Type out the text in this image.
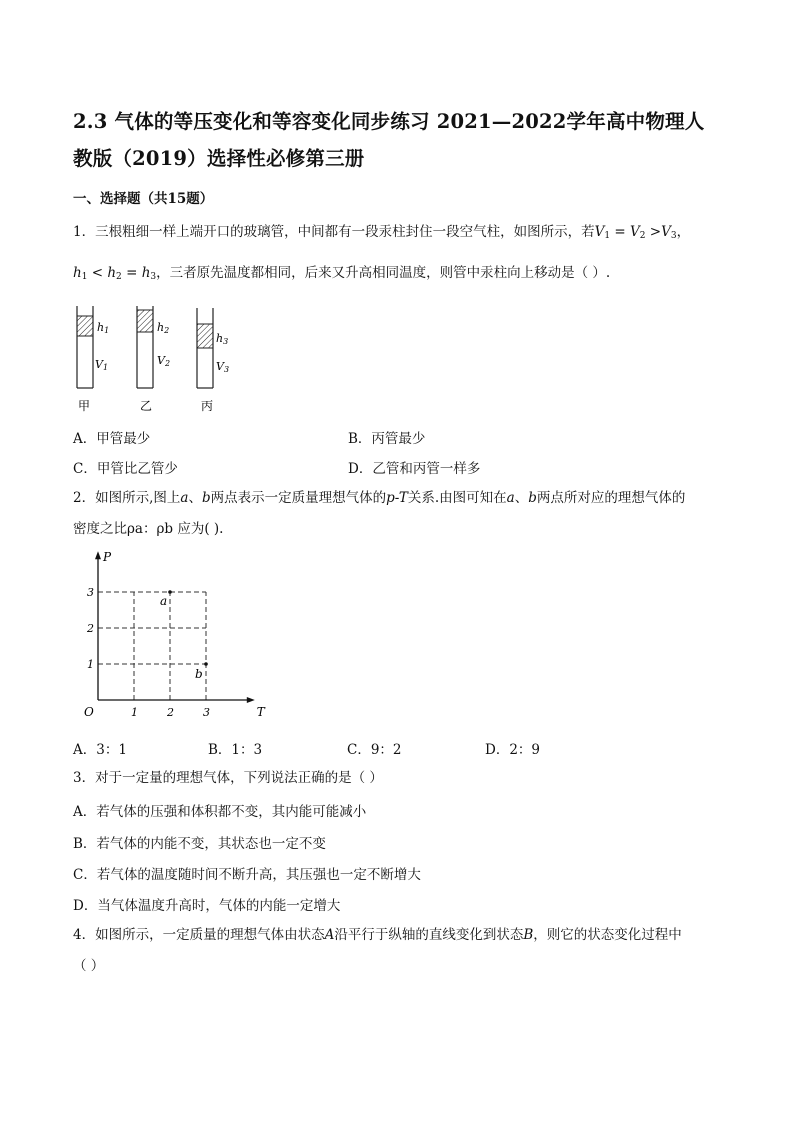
2.3 气体的等压变化和等容变化同步练习 2021—2022学年高中物理人
教版（2019）选择性必修第三册
一、选择题（共15题）
1．三根粗细一样上端开口的玻璃管，中间都有一段汞柱封住一段空气柱，如图所示，若$V_1 = V_2 >V_3$，
$h_1 < h_2 = h_3$，三者原先温度都相同，后来又升高相同温度，则管中汞柱向上移动是（ ）.
h1
V1
甲
h2
V2
乙
h3
V3
丙
A．甲管最少	B．丙管最少
C．甲管比乙管少	D．乙管和丙管一样多
2．如图所示,图上a、b两点表示一定质量理想气体的p-T关系.由图可知在a、b两点所对应的理想气体的
密度之比ρa：ρb 应为( ).
1	2	3
1
2
3
a
b
P
T
O
A．3：1	B．1：3	C．9：2	D．2：9
3．对于一定量的理想气体，下列说法正确的是（ ）
A．若气体的压强和体积都不变，其内能可能减小
B．若气体的内能不变，其状态也一定不变
C．若气体的温度随时间不断升高，其压强也一定不断增大
D．当气体温度升高时，气体的内能一定增大
4．如图所示，一定质量的理想气体由状态A沿平行于纵轴的直线变化到状态B，则它的状态变化过程中
（ ）
